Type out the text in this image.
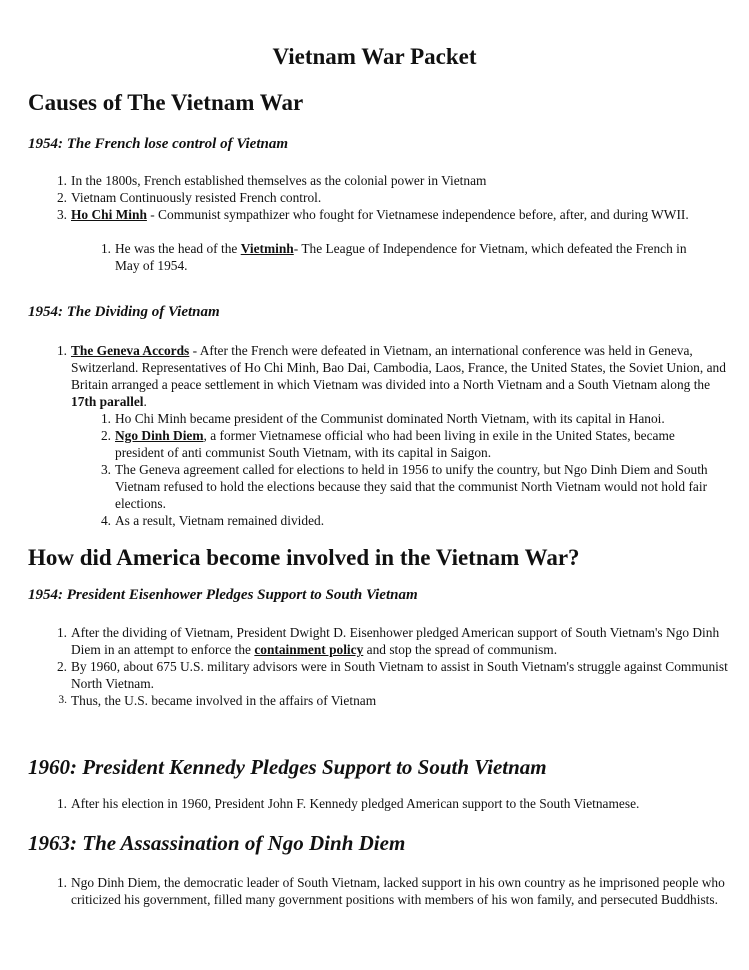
Vietnam War Packet
Causes of The Vietnam War
1954: The French lose control of Vietnam
1. In the 1800s, French established themselves as the colonial power in Vietnam
2. Vietnam Continuously resisted French control.
3. Ho Chi Minh - Communist sympathizer who fought for Vietnamese independence before, after, and during WWII.
1. He was the head of the Vietminh- The League of Independence for Vietnam, which defeated the French in May of 1954.
1954: The Dividing of Vietnam
1. The Geneva Accords - After the French were defeated in Vietnam, an international conference was held in Geneva, Switzerland. Representatives of Ho Chi Minh, Bao Dai, Cambodia, Laos, France, the United States, the Soviet Union, and Britain arranged a peace settlement in which Vietnam was divided into a North Vietnam and a South Vietnam along the 17th parallel.
1. Ho Chi Minh became president of the Communist dominated North Vietnam, with its capital in Hanoi.
2. Ngo Dinh Diem, a former Vietnamese official who had been living in exile in the United States, became president of anti communist South Vietnam, with its capital in Saigon.
3. The Geneva agreement called for elections to held in 1956 to unify the country, but Ngo Dinh Diem and South Vietnam refused to hold the elections because they said that the communist North Vietnam would not hold fair elections.
4. As a result, Vietnam remained divided.
How did America become involved in the Vietnam War?
1954: President Eisenhower Pledges Support to South Vietnam
1. After the dividing of Vietnam, President Dwight D. Eisenhower pledged American support of South Vietnam's Ngo Dinh Diem in an attempt to enforce the containment policy and stop the spread of communism.
2. By 1960, about 675 U.S. military advisors were in South Vietnam to assist in South Vietnam's struggle against Communist North Vietnam.
3. Thus, the U.S. became involved in the affairs of Vietnam
1960: President Kennedy Pledges Support to South Vietnam
1. After his election in 1960, President John F. Kennedy pledged American support to the South Vietnamese.
1963: The Assassination of Ngo Dinh Diem
1. Ngo Dinh Diem, the democratic leader of South Vietnam, lacked support in his own country as he imprisoned people who criticized his government, filled many government positions with members of his won family, and persecuted Buddhists.
